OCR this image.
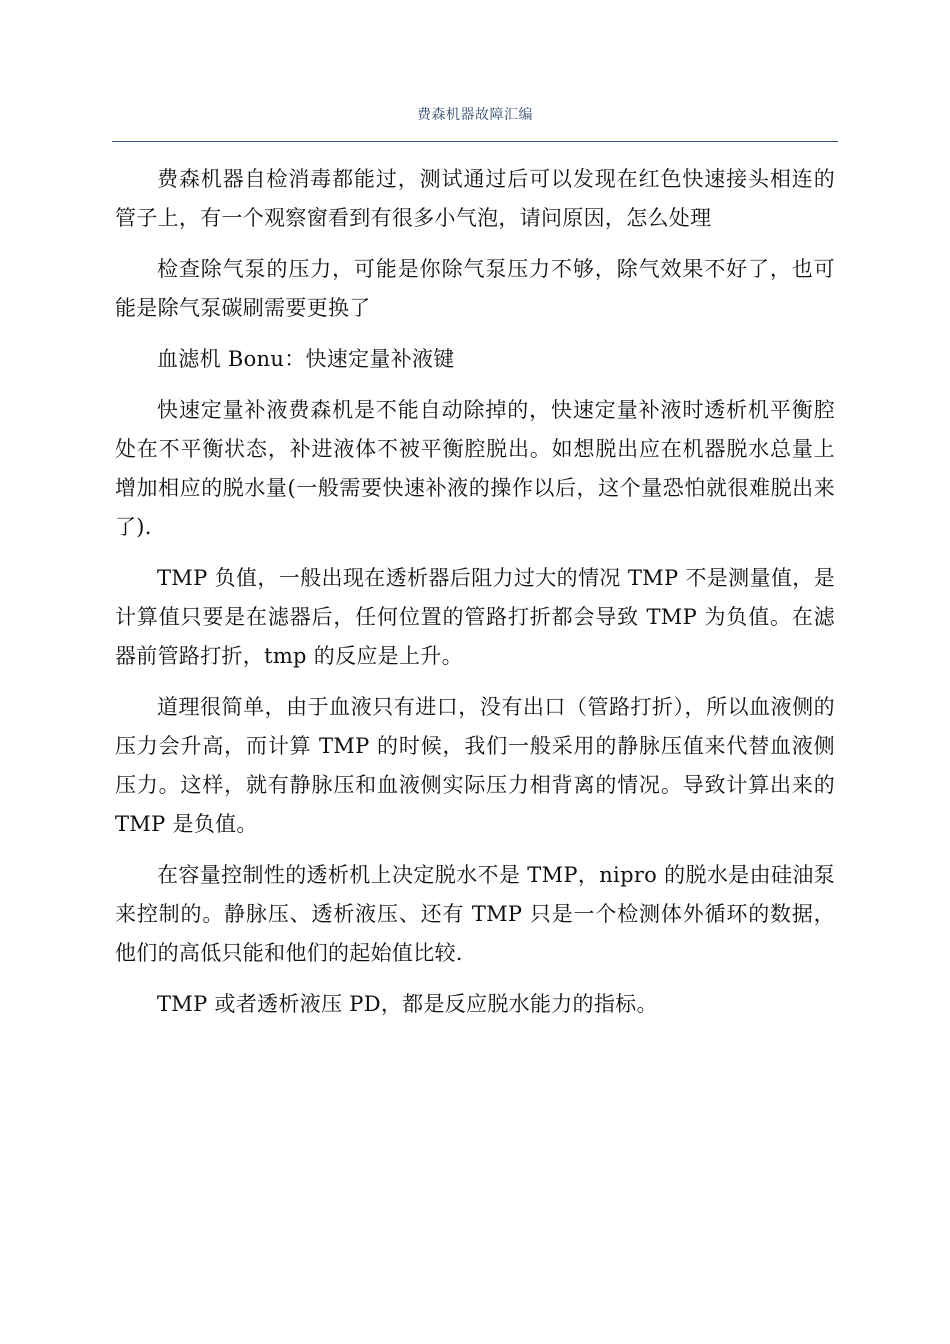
费森机器故障汇编

费森机器自检消毒都能过，测试通过后可以发现在红色快速接头相连的管子上，有一个观察窗看到有很多小气泡，请问原因，怎么处理

检查除气泵的压力，可能是你除气泵压力不够，除气效果不好了，也可能是除气泵碳刷需要更换了

血滤机 Bonu：快速定量补液键

快速定量补液费森机是不能自动除掉的，快速定量补液时透析机平衡腔处在不平衡状态，补进液体不被平衡腔脱出。如想脱出应在机器脱水总量上增加相应的脱水量(一般需要快速补液的操作以后，这个量恐怕就很难脱出来了).

TMP 负值，一般出现在透析器后阻力过大的情况 TMP 不是测量值，是计算值只要是在滤器后，任何位置的管路打折都会导致 TMP 为负值。在滤器前管路打折，tmp 的反应是上升。

道理很简单，由于血液只有进口，没有出口（管路打折），所以血液侧的压力会升高，而计算 TMP 的时候，我们一般采用的静脉压值来代替血液侧压力。这样，就有静脉压和血液侧实际压力相背离的情况。导致计算出来的 TMP 是负值。

在容量控制性的透析机上决定脱水不是 TMP，nipro 的脱水是由硅油泵来控制的。静脉压、透析液压、还有 TMP 只是一个检测体外循环的数据，他们的高低只能和他们的起始值比较.

TMP 或者透析液压 PD，都是反应脱水能力的指标。
